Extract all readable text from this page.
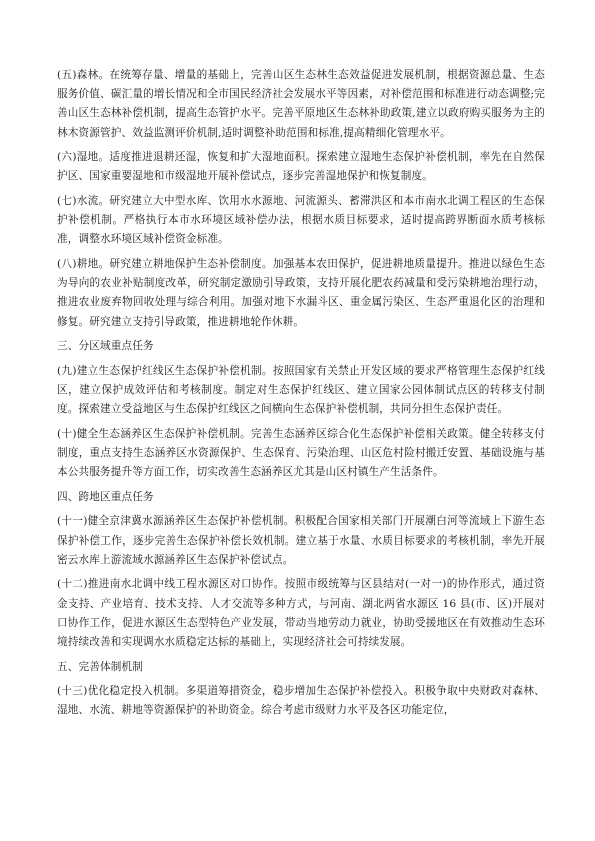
(五)森林。在统筹存量、增量的基础上，完善山区生态林生态效益促进发展机制，根据资源总量、生态服务价值、碳汇量的增长情况和全市国民经济社会发展水平等因素，对补偿范围和标准进行动态调整;完善山区生态林补偿机制，提高生态管护水平。完善平原地区生态林补助政策,建立以政府购买服务为主的林木资源管护、效益监测评价机制,适时调整补助范围和标准,提高精细化管理水平。

(六)湿地。适度推进退耕还湿，恢复和扩大湿地面积。探索建立湿地生态保护补偿机制，率先在自然保护区、国家重要湿地和市级湿地开展补偿试点，逐步完善湿地保护和恢复制度。

(七)水流。研究建立大中型水库、饮用水水源地、河流源头、蓄滞洪区和本市南水北调工程区的生态保护补偿机制。严格执行本市水环境区域补偿办法，根据水质目标要求，适时提高跨界断面水质考核标准，调整水环境区域补偿资金标准。

(八)耕地。研究建立耕地保护生态补偿制度。加强基本农田保护，促进耕地质量提升。推进以绿色生态为导向的农业补贴制度改革，研究制定激励引导政策，支持开展化肥农药减量和受污染耕地治理行动，推进农业废弃物回收处理与综合利用。加强对地下水漏斗区、重金属污染区、生态严重退化区的治理和修复。研究建立支持引导政策，推进耕地轮作休耕。

三、分区域重点任务

(九)建立生态保护红线区生态保护补偿机制。按照国家有关禁止开发区域的要求严格管理生态保护红线区，建立保护成效评估和考核制度。制定对生态保护红线区、建立国家公园体制试点区的转移支付制度。探索建立受益地区与生态保护红线区之间横向生态保护补偿机制，共同分担生态保护责任。

(十)健全生态涵养区生态保护补偿机制。完善生态涵养区综合化生态保护补偿相关政策。健全转移支付制度，重点支持生态涵养区水资源保护、生态保育、污染治理、山区危村险村搬迁安置、基础设施与基本公共服务提升等方面工作，切实改善生态涵养区尤其是山区村镇生产生活条件。

四、跨地区重点任务

(十一)健全京津冀水源涵养区生态保护补偿机制。积极配合国家相关部门开展潮白河等流域上下游生态保护补偿工作，逐步完善生态保护补偿长效机制。建立基于水量、水质目标要求的考核机制，率先开展密云水库上游流域水源涵养区生态保护补偿试点。

(十二)推进南水北调中线工程水源区对口协作。按照市级统筹与区县结对(一对一)的协作形式，通过资金支持、产业培育、技术支持、人才交流等多种方式，与河南、湖北两省水源区 16 县(市、区)开展对口协作工作，促进水源区生态型特色产业发展，带动当地劳动力就业，协助受援地区在有效推动生态环境持续改善和实现调水水质稳定达标的基础上，实现经济社会可持续发展。

五、完善体制机制

(十三)优化稳定投入机制。多渠道筹措资金，稳步增加生态保护补偿投入。积极争取中央财政对森林、湿地、水流、耕地等资源保护的补助资金。综合考虑市级财力水平及各区功能定位，
